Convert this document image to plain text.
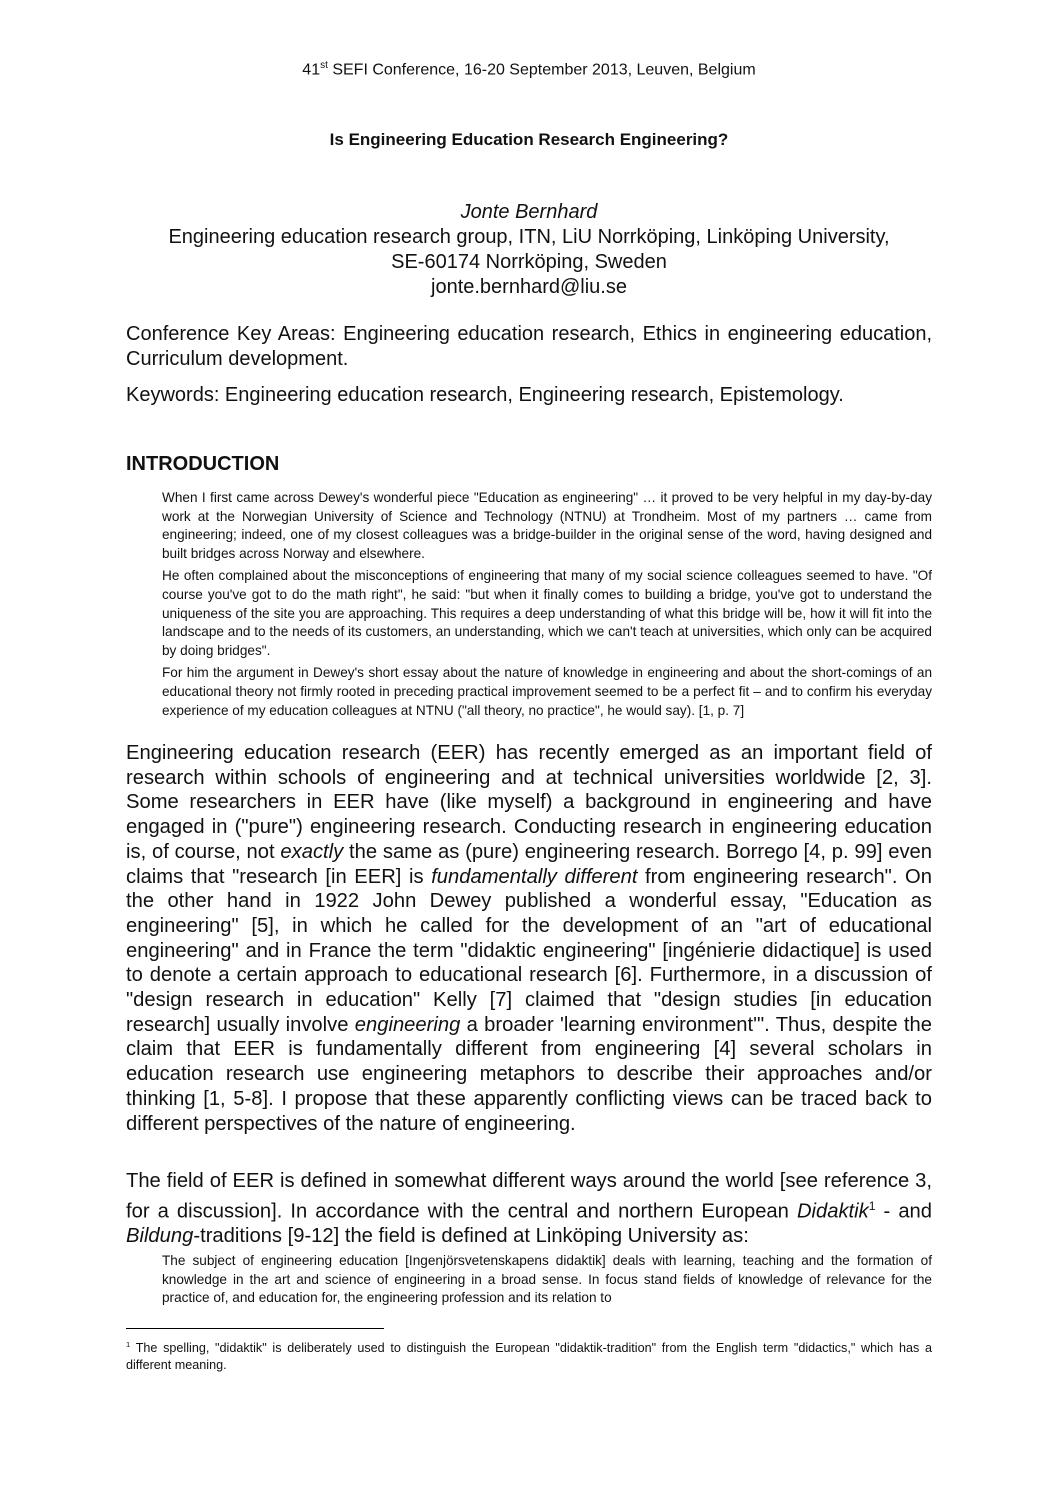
41st SEFI Conference, 16-20 September 2013, Leuven, Belgium
Is Engineering Education Research Engineering?
Jonte Bernhard
Engineering education research group, ITN, LiU Norrköping, Linköping University,
SE-60174 Norrköping, Sweden
jonte.bernhard@liu.se
Conference Key Areas: Engineering education research, Ethics in engineering education, Curriculum development.
Keywords: Engineering education research, Engineering research, Epistemology.
INTRODUCTION

When I first came across Dewey's wonderful piece "Education as engineering" … it proved to be very helpful in my day-by-day work at the Norwegian University of Science and Technology (NTNU) at Trondheim. Most of my partners … came from engineering; indeed, one of my closest colleagues was a bridge-builder in the original sense of the word, having designed and built bridges across Norway and elsewhere.

He often complained about the misconceptions of engineering that many of my social science colleagues seemed to have. "Of course you've got to do the math right", he said: "but when it finally comes to building a bridge, you've got to understand the uniqueness of the site you are approaching. This requires a deep understanding of what this bridge will be, how it will fit into the landscape and to the needs of its customers, an understanding, which we can't teach at universities, which only can be acquired by doing bridges".

For him the argument in Dewey's short essay about the nature of knowledge in engineering and about the short-comings of an educational theory not firmly rooted in preceding practical improvement seemed to be a perfect fit – and to confirm his everyday experience of my education colleagues at NTNU ("all theory, no practice", he would say). [1, p. 7]

Engineering education research (EER) has recently emerged as an important field of research within schools of engineering and at technical universities worldwide [2, 3]. Some researchers in EER have (like myself) a background in engineering and have engaged in ("pure") engineering research. Conducting research in engineering education is, of course, not exactly the same as (pure) engineering research. Borrego [4, p. 99] even claims that "research [in EER] is fundamentally different from engineering research". On the other hand in 1922 John Dewey published a wonderful essay, "Education as engineering" [5], in which he called for the development of an "art of educational engineering" and in France the term "didaktic engineering" [ingénierie didactique] is used to denote a certain approach to educational research [6]. Furthermore, in a discussion of "design research in education" Kelly [7] claimed that "design studies [in education research] usually involve engineering a broader 'learning environment'". Thus, despite the claim that EER is fundamentally different from engineering [4] several scholars in education research use engineering metaphors to describe their approaches and/or thinking [1, 5-8]. I propose that these apparently conflicting views can be traced back to different perspectives of the nature of engineering.

The field of EER is defined in somewhat different ways around the world [see reference 3, for a discussion]. In accordance with the central and northern European Didaktik$^1$ - and Bildung-traditions [9-12] the field is defined at Linköping University as:

The subject of engineering education [Ingenjörsvetenskapens didaktik] deals with learning, teaching and the formation of knowledge in the art and science of engineering in a broad sense. In focus stand fields of knowledge of relevance for the practice of, and education for, the engineering profession and its relation to

$^1$ The spelling, "didaktik" is deliberately used to distinguish the European "didaktik-tradition" from the English term "didactics," which has a different meaning.
